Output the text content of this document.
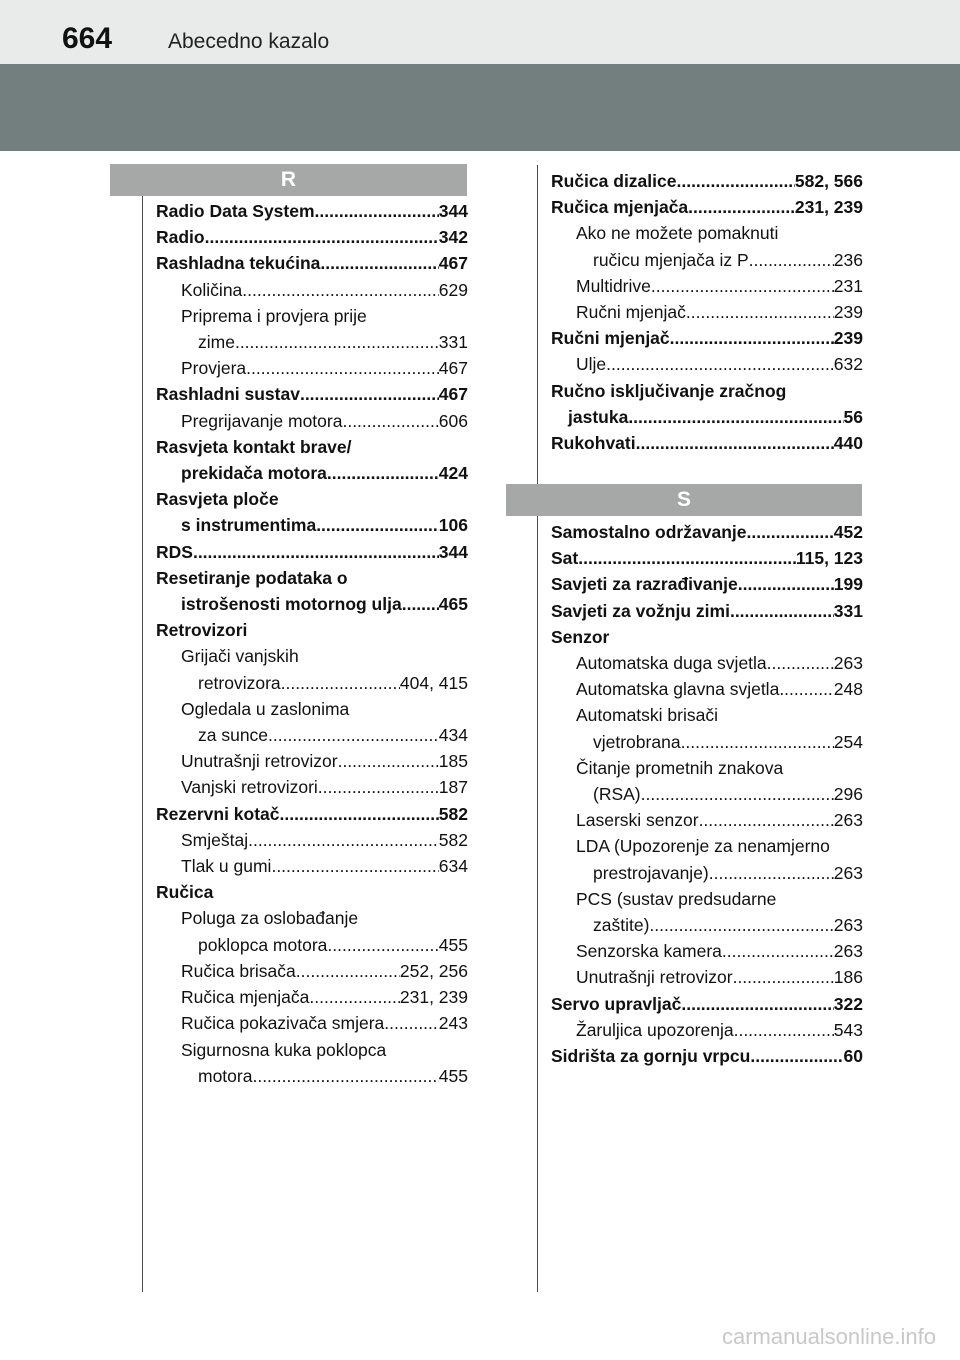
664	Abecedno kazalo
R
S
Radio Data System .....	344
Radio .....	342
Rashladna tekućina .....	467
Količina .....	629
Priprema i provjera prije
zime .....	331
Provjera .....	467
Rashladni sustav .....	467
Pregrijavanje motora .....	606
Rasvjeta kontakt brave/
prekidača motora .....	424
Rasvjeta ploče
s instrumentima .....	106
RDS .....	344
Resetiranje podataka o
istrošenosti motornog ulja ..... 465
Retrovizori
Grijači vanjskih
retrovizora .....	404, 415
Ogledala u zaslonima
za sunce .....	434
Unutrašnji retrovizor .....	185
Vanjski retrovizori .....	187
Rezervni kotač .....	582
Smještaj .....	582
Tlak u gumi .....	634
Ručica
Poluga za oslobađanje
poklopca motora .....	455
Ručica brisača .....	252, 256
Ručica mjenjača .....	231, 239
Ručica pokazivača smjera .....	243
Sigurnosna kuka poklopca
motora .....	455
Ručica dizalice .....	582, 566
Ručica mjenjača .....	231, 239
Ako ne možete pomaknuti
ručicu mjenjača iz P .....	236
Multidrive .....	231
Ručni mjenjač .....	239
Ručni mjenjač .....	239
Ulje .....	632
Ručno isključivanje zračnog
jastuka .....	56
Rukohvati .....	440
Samostalno održavanje .....	452
Sat .....	115, 123
Savjeti za razrađivanje .....	199
Savjeti za vožnju zimi .....	331
Senzor
Automatska duga svjetla .....	263
Automatska glavna svjetla .....	248
Automatski brisači
vjetrobrana .....	254
Čitanje prometnih znakova
(RSA) .....	296
Laserski senzor .....	263
LDA (Upozorenje za nenamjerno
prestrojavanje) .....	263
PCS (sustav predsudarne
zaštite) .....	263
Senzorska kamera .....	263
Unutrašnji retrovizor .....	186
Servo upravljač .....	322
Žaruljica upozorenja .....	543
Sidrišta za gornju vrpcu .....	60
carmanualsonline.info
